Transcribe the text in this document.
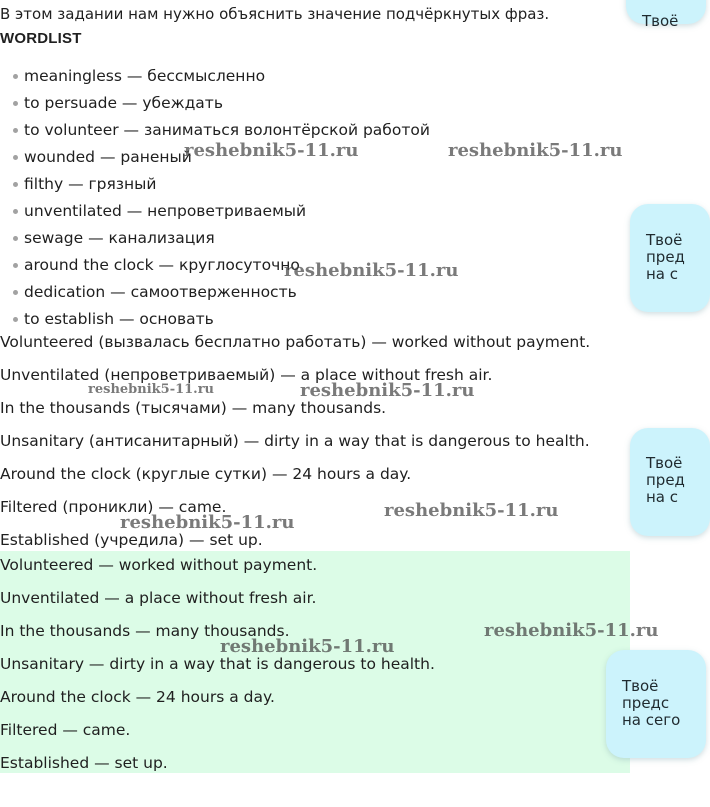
В этом задании нам нужно объяснить значение подчёркнутых фраз.	Твоё
WORDLIST
meaningless — бессмысленно
to persuade — убеждать
to volunteer — заниматься волонтёрской работой
wounded — раненый
filthy — грязный
unventilated — непроветриваемый
sewage — канализация
around the clock — круглосуточно
dedication — самоотверженность
to establish — основать
Volunteered (вызвалась бесплатно работать) — worked without payment.
Unventilated (непроветриваемый) — a place without fresh air.
In the thousands (тысячами) — many thousands.
Unsanitary (антисанитарный) — dirty in a way that is dangerous to health.
Around the clock (круглые сутки) — 24 hours a day.
Filtered (проникли) — came.
Established (учредила) — set up.
Volunteered — worked without payment.
Unventilated — a place without fresh air.
In the thousands — many thousands.
Unsanitary — dirty in a way that is dangerous to health.
Around the clock — 24 hours a day.
Filtered — came.
Established — set up.
Твоё
пред
на с
Твоё
пред
на с
Твоё
предс
на сего
reshebnik5-11.ru	reshebnik5-11.ru
reshebnik5-11.ru
reshebnik5-11.ru	reshebnik5-11.ru
reshebnik5-11.ru
reshebnik5-11.ru
reshebnik5-11.ru
reshebnik5-11.ru
